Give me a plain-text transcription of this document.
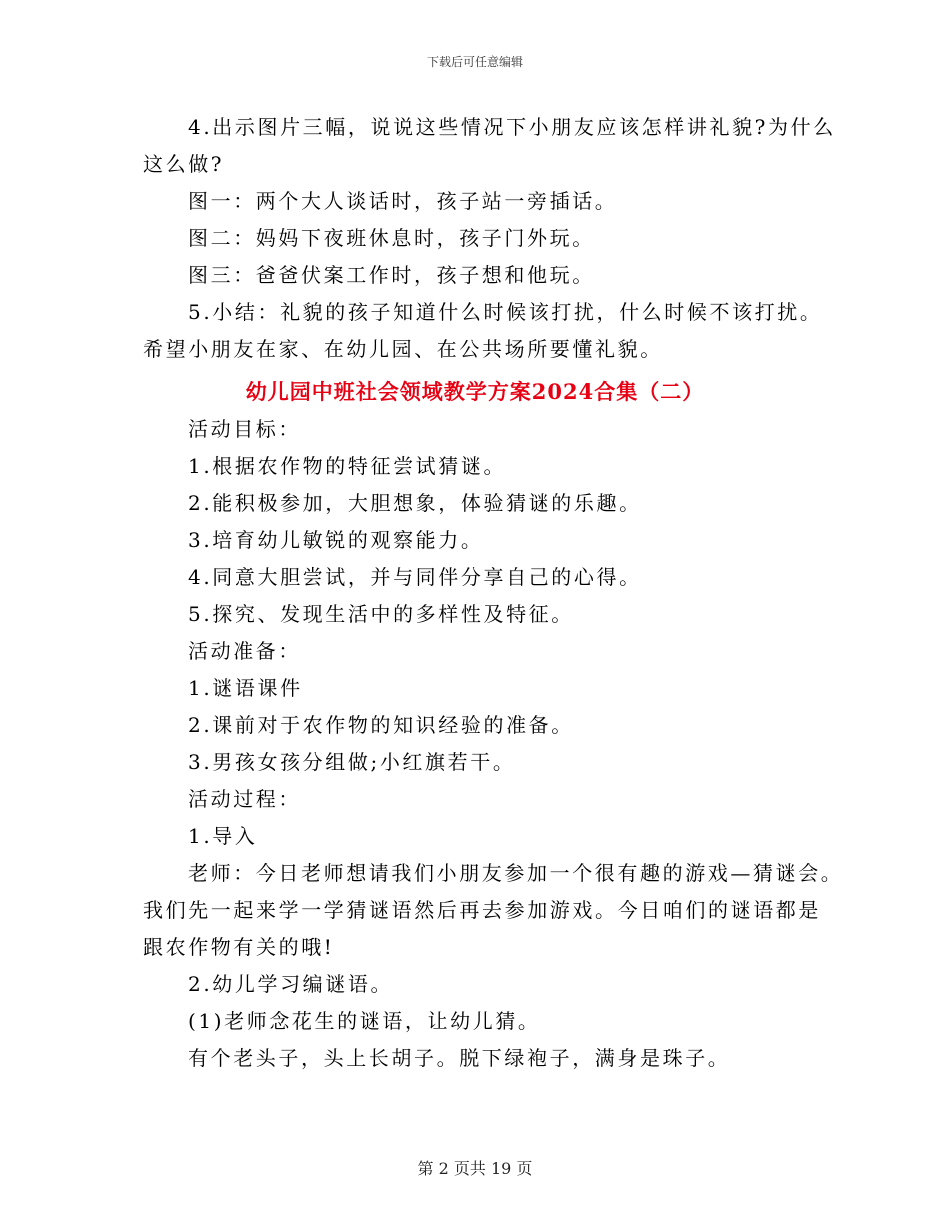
下载后可任意编辑
4.出示图片三幅，说说这些情况下小朋友应该怎样讲礼貌?为什么
这么做?
图一：两个大人谈话时，孩子站一旁插话。
图二：妈妈下夜班休息时，孩子门外玩。
图三：爸爸伏案工作时，孩子想和他玩。
5.小结：礼貌的孩子知道什么时候该打扰，什么时候不该打扰。
希望小朋友在家、在幼儿园、在公共场所要懂礼貌。
幼儿园中班社会领域教学方案2024合集（二）
活动目标：
1.根据农作物的特征尝试猜谜。
2.能积极参加，大胆想象，体验猜谜的乐趣。
3.培育幼儿敏锐的观察能力。
4.同意大胆尝试，并与同伴分享自己的心得。
5.探究、发现生活中的多样性及特征。
活动准备：
1.谜语课件
2.课前对于农作物的知识经验的准备。
3.男孩女孩分组做;小红旗若干。
活动过程：
1.导入
老师：今日老师想请我们小朋友参加一个很有趣的游戏—猜谜会。
我们先一起来学一学猜谜语然后再去参加游戏。今日咱们的谜语都是
跟农作物有关的哦!
2.幼儿学习编谜语。
(1)老师念花生的谜语，让幼儿猜。
有个老头子，头上长胡子。脱下绿袍子，满身是珠子。
第 2 页共 19 页
